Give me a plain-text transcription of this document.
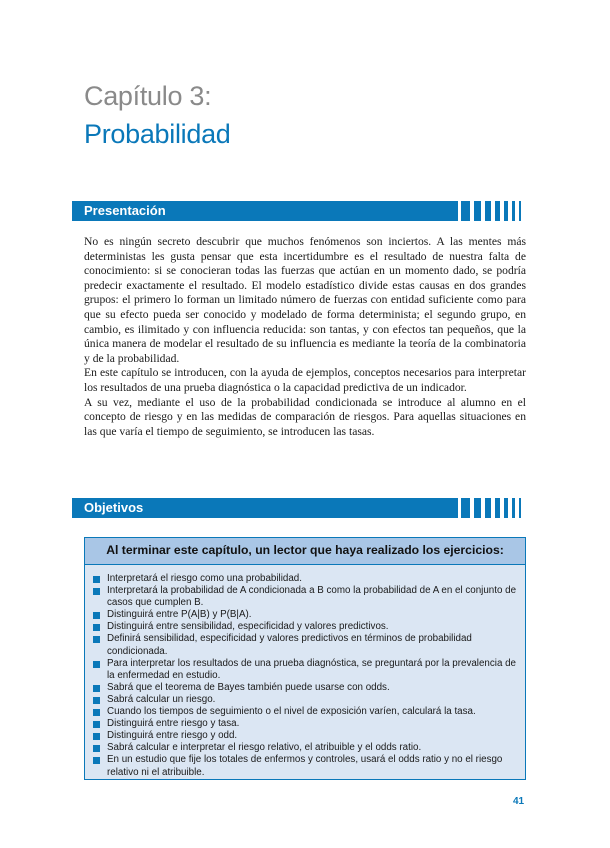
Capítulo 3:
Probabilidad
Presentación

No es ningún secreto descubrir que muchos fenómenos son inciertos. A las mentes más deterministas les gusta pensar que esta incertidumbre es el resultado de nuestra falta de conocimiento: si se conocieran todas las fuerzas que actúan en un momento dado, se podría predecir exactamente el resultado. El modelo estadístico divide estas causas en dos grandes grupos: el primero lo forman un limitado número de fuerzas con entidad suficiente como para que su efecto pueda ser conocido y modelado de forma determinista; el segundo grupo, en cambio, es ilimitado y con influencia reducida: son tantas, y con efectos tan pequeños, que la única manera de modelar el resultado de su influencia es mediante la teoría de la combinatoria y de la probabilidad.

En este capítulo se introducen, con la ayuda de ejemplos, conceptos necesarios para interpretar los resultados de una prueba diagnóstica o la capacidad predictiva de un indicador.

A su vez, mediante el uso de la probabilidad condicionada se introduce al alumno en el concepto de riesgo y en las medidas de comparación de riesgos. Para aquellas situaciones en las que varía el tiempo de seguimiento, se introducen las tasas.

Objetivos
Al terminar este capítulo, un lector que haya realizado los ejercicios:
Interpretará el riesgo como una probabilidad.
Interpretará la probabilidad de A condicionada a B como la probabilidad de A en el conjunto de casos que cumplen B.
Distinguirá entre P(A|B) y P(B|A).
Distinguirá entre sensibilidad, especificidad y valores predictivos.
Definirá sensibilidad, especificidad y valores predictivos en términos de probabilidad condicionada.
Para interpretar los resultados de una prueba diagnóstica, se preguntará por la prevalencia de la enfermedad en estudio.
Sabrá que el teorema de Bayes también puede usarse con odds.
Sabrá calcular un riesgo.
Cuando los tiempos de seguimiento o el nivel de exposición varíen, calculará la tasa.
Distinguirá entre riesgo y tasa.
Distinguirá entre riesgo y odd.
Sabrá calcular e interpretar el riesgo relativo, el atribuible y el odds ratio.
En un estudio que fije los totales de enfermos y controles, usará el odds ratio y no el riesgo relativo ni el atribuible.
41
